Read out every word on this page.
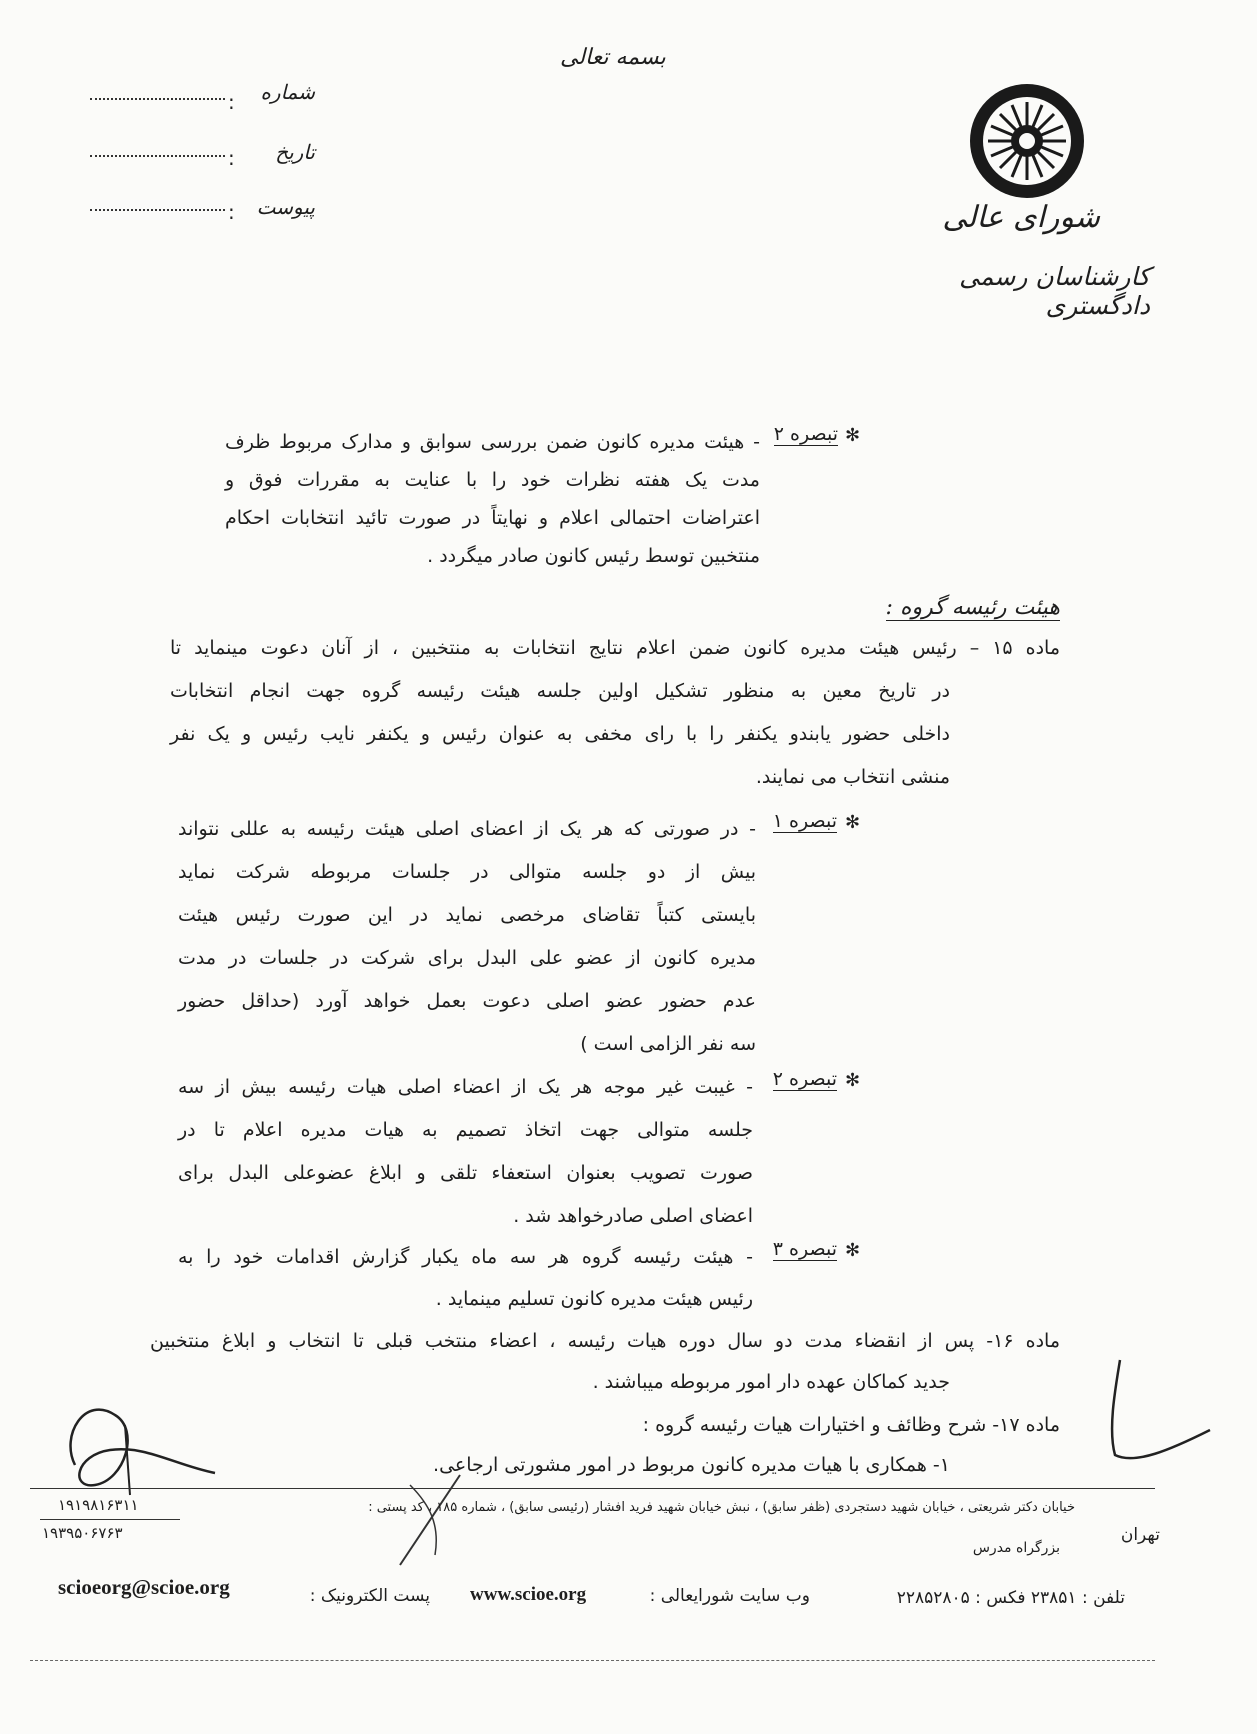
بسمه تعالی
شماره
:
تاریخ
:
پیوست
:	شورای عالی
کارشناسان رسمی دادگستری
✻
تبصره ۲
- هیئت مدیره کانون ضمن بررسی سوابق و مدارک مربوط ظرف
مدت یک هفته نظرات خود را با عنایت به مقررات فوق و
اعتراضات احتمالی اعلام و نهایتاً در صورت تائید انتخابات احکام
منتخبین توسط رئیس کانون صادر میگردد .
هیئت رئیسه گروه :
ماده ۱۵ – رئیس هیئت مدیره کانون ضمن اعلام نتایج انتخابات به منتخبین ، از آنان دعوت مینماید تا
در تاریخ معین به منظور تشکیل اولین جلسه هیئت رئیسه گروه جهت انجام انتخابات
داخلی حضور یابندو یکنفر را با رای مخفی به عنوان رئیس و یکنفر نایب رئیس و یک نفر
منشی انتخاب می نمایند.
✻
تبصره ۱
- در صورتی که هر یک از اعضای اصلی هیئت رئیسه به عللی نتواند
بیش از دو جلسه متوالی در جلسات مربوطه شرکت نماید
بایستی کتباً تقاضای مرخصی نماید در این صورت رئیس هیئت
مدیره کانون از عضو علی البدل برای شرکت در جلسات در مدت
عدم حضور عضو اصلی دعوت بعمل خواهد آورد (حداقل حضور
سه نفر الزامی است )
✻
تبصره ۲
- غیبت غیر موجه هر یک از اعضاء اصلی هیات رئیسه بیش از سه
جلسه متوالی جهت اتخاذ تصمیم به هیات مدیره اعلام تا در
صورت تصویب بعنوان استعفاء تلقی و ابلاغ عضوعلی البدل برای
اعضای اصلی صادرخواهد شد .
✻
تبصره ۳
- هیئت رئیسه گروه هر سه ماه یکبار گزارش اقدامات خود را به
رئیس هیئت مدیره کانون تسلیم مینماید .
ماده ۱۶- پس از انقضاء مدت دو سال دوره هیات رئیسه ، اعضاء منتخب قبلی تا انتخاب و ابلاغ منتخبین
جدید کماکان عهده دار امور مربوطه میباشند .
ماده ۱۷- شرح وظائف و اختیارات هیات رئیسه گروه :
۱- همکاری با هیات مدیره کانون مربوط در امور مشورتی ارجاعی.
تهران
خیابان دکتر شریعتی ، خیابان شهید دستجردی (ظفر سابق) ، نبش خیابان شهید فرید افشار (رئیسی سابق) ، شماره ۱۸۵ ، کد پستی :
بزرگراه مدرس
۱۹۱۹۸۱۶۳۱۱
۱۹۳۹۵۰۶۷۶۳
تلفن : ۲۳۸۵۱ فکس : ۲۲۸۵۲۸۰۵
وب سایت شورایعالی :
www.scioe.org
پست الکترونیک :
scioeorg@scioe.org
